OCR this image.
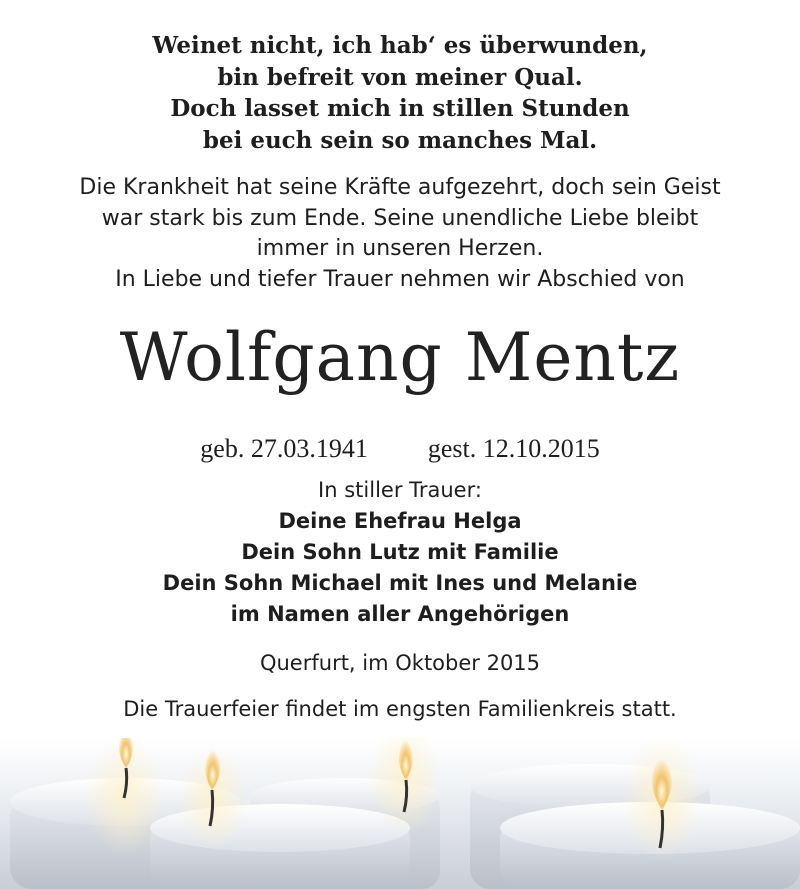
Weinet nicht, ich hab‘ es überwunden,
bin befreit von meiner Qual.
Doch lasset mich in stillen Stunden
bei euch sein so manches Mal.
Die Krankheit hat seine Kräfte aufgezehrt, doch sein Geist
war stark bis zum Ende. Seine unendliche Liebe bleibt
immer in unseren Herzen.
In Liebe und tiefer Trauer nehmen wir Abschied von
Wolfgang Mentz
geb. 27.03.1941 gest. 12.10.2015
In stiller Trauer:
Deine Ehefrau Helga
Dein Sohn Lutz mit Familie
Dein Sohn Michael mit Ines und Melanie
im Namen aller Angehörigen
Querfurt, im Oktober 2015
Die Trauerfeier findet im engsten Familienkreis statt.
